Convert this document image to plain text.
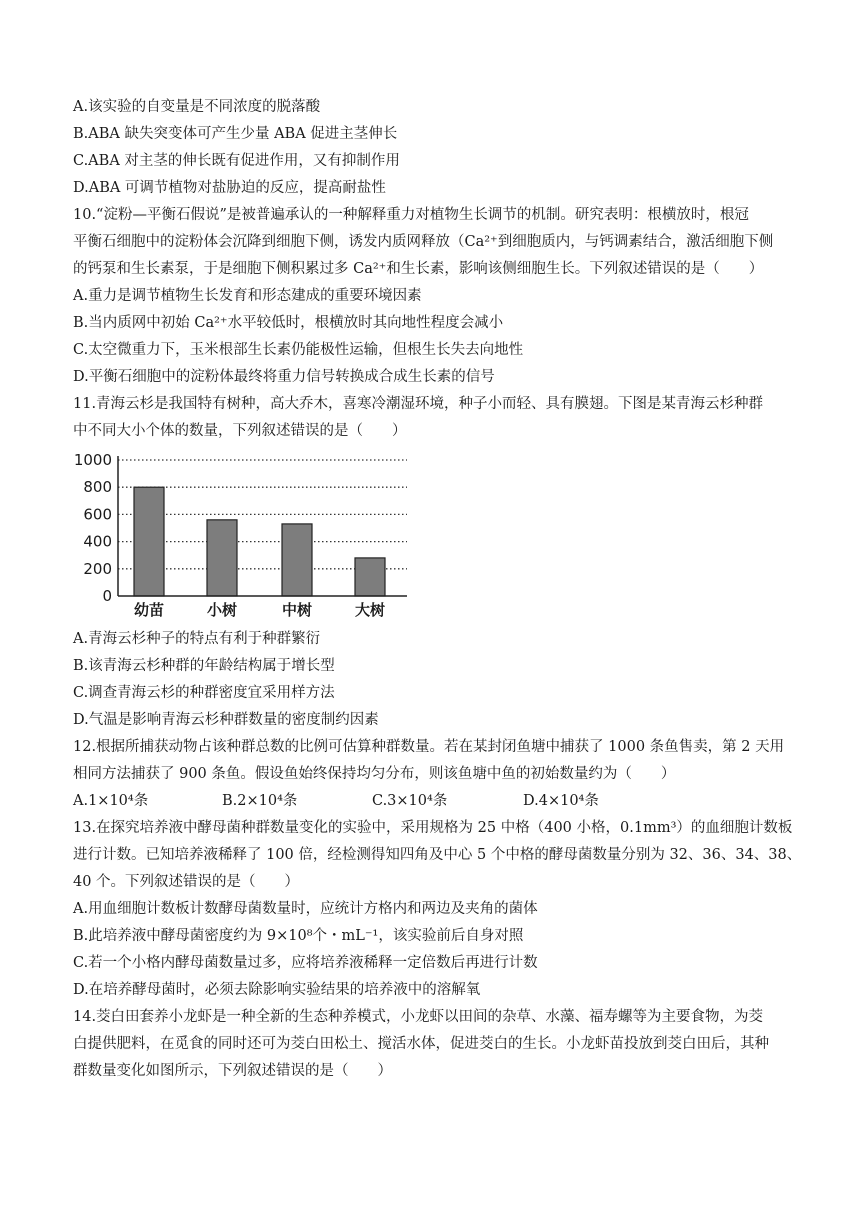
A.该实验的自变量是不同浓度的脱落酸
B.ABA 缺失突变体可产生少量 ABA 促进主茎伸长
C.ABA 对主茎的伸长既有促进作用，又有抑制作用
D.ABA 可调节植物对盐胁迫的反应，提高耐盐性
10.“淀粉—平衡石假说”是被普遍承认的一种解释重力对植物生长调节的机制。研究表明：根横放时，根冠
平衡石细胞中的淀粉体会沉降到细胞下侧，诱发内质网释放（Ca²⁺到细胞质内，与钙调素结合，激活细胞下侧
的钙泵和生长素泵，于是细胞下侧积累过多 Ca²⁺和生长素，影响该侧细胞生长。下列叙述错误的是（　　）
A.重力是调节植物生长发育和形态建成的重要环境因素
B.当内质网中初始 Ca²⁺水平较低时，根横放时其向地性程度会减小
C.太空微重力下，玉米根部生长素仍能极性运输，但根生长失去向地性
D.平衡石细胞中的淀粉体最终将重力信号转换成合成生长素的信号
11.青海云杉是我国特有树种，高大乔木，喜寒冷潮湿环境，种子小而轻、具有膜翅。下图是某青海云杉种群
中不同大小个体的数量，下列叙述错误的是（　　）
0
200
400
600
800
1000
幼苗	小树	中树	大树
A.青海云杉种子的特点有利于种群繁衍
B.该青海云杉种群的年龄结构属于增长型
C.调查青海云杉的种群密度宜采用样方法
D.气温是影响青海云杉种群数量的密度制约因素
12.根据所捕获动物占该种群总数的比例可估算种群数量。若在某封闭鱼塘中捕获了 1000 条鱼售卖，第 2 天用
相同方法捕获了 900 条鱼。假设鱼始终保持均匀分布，则该鱼塘中鱼的初始数量约为（　　）
A.1×10⁴条	B.2×10⁴条	C.3×10⁴条	D.4×10⁴条
13.在探究培养液中酵母菌种群数量变化的实验中，采用规格为 25 中格（400 小格，0.1mm³）的血细胞计数板
进行计数。已知培养液稀释了 100 倍，经检测得知四角及中心 5 个中格的酵母菌数量分别为 32、36、34、38、
40 个。下列叙述错误的是（　　）
A.用血细胞计数板计数酵母菌数量时，应统计方格内和两边及夹角的菌体
B.此培养液中酵母菌密度约为 9×10⁸个・mL⁻¹，该实验前后自身对照
C.若一个小格内酵母菌数量过多，应将培养液稀释一定倍数后再进行计数
D.在培养酵母菌时，必须去除影响实验结果的培养液中的溶解氧
14.茭白田套养小龙虾是一种全新的生态种养模式，小龙虾以田间的杂草、水藻、福寿螺等为主要食物，为茭
白提供肥料，在觅食的同时还可为茭白田松土、搅活水体，促进茭白的生长。小龙虾苗投放到茭白田后，其种
群数量变化如图所示，下列叙述错误的是（　　）
